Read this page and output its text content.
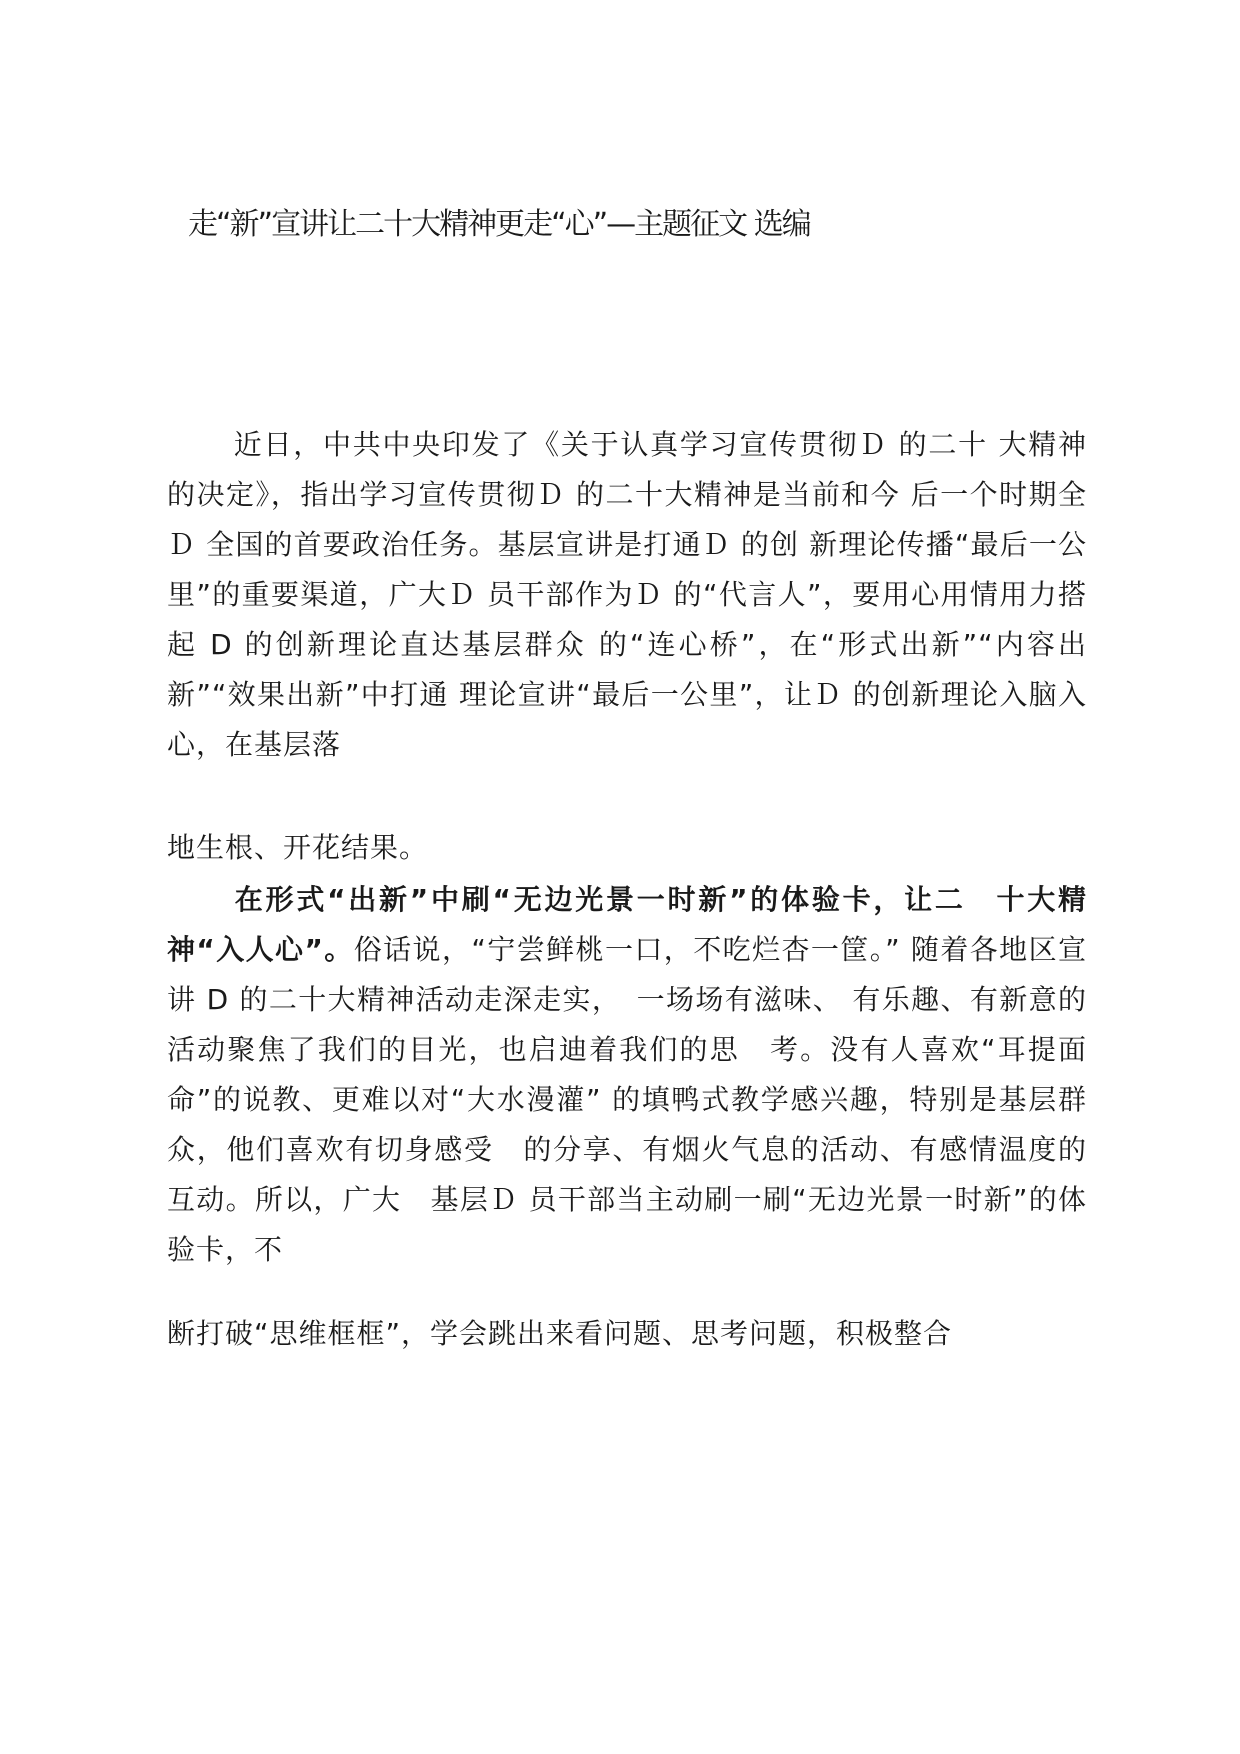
走“新”宣讲让二十大精神更走“心”—主题征文 选编

近日，中共中央印发了《关于认真学习宣传贯彻Ｄ 的二十 大精神的决定》，指出学习宣传贯彻Ｄ 的二十大精神是当前和今 后一个时期全Ｄ 全国的首要政治任务。基层宣讲是打通Ｄ 的创 新理论传播“最后一公里”的重要渠道，广大Ｄ 员干部作为Ｄ 的“代言人”，要用心用情用力搭起 D 的创新理论直达基层群众 的“连心桥”，在“形式出新”“内容出新”“效果出新”中打通 理论宣讲“最后一公里”，让Ｄ 的创新理论入脑入心，在基层落

地生根、开花结果。

在形式“出新”中刷“无边光景一时新”的体验卡，让二　十大精神“入人心”。俗话说，“宁尝鲜桃一口，不吃烂杏一筐。” 随着各地区宣讲 D 的二十大精神活动走深走实，　一场场有滋味、 有乐趣、有新意的活动聚焦了我们的目光，也启迪着我们的思　考。没有人喜欢“耳提面命”的说教、更难以对“大水漫灌” 的填鸭式教学感兴趣，特别是基层群众，他们喜欢有切身感受　的分享、有烟火气息的活动、有感情温度的互动。所以，广大　基层Ｄ 员干部当主动刷一刷“无边光景一时新”的体验卡，不

断打破“思维框框”，学会跳出来看问题、思考问题，积极整合
